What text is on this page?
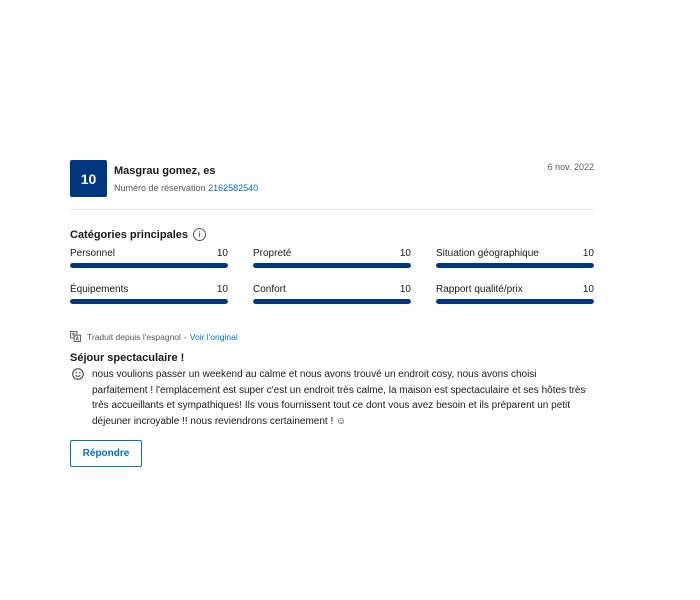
10	Masgrau gomez, es
Numéro de réservation 2162582540
6 nov. 2022
Catégories principales	i
Personnel	10	Propreté	10	Situation géographique	10
Équipements	10	Confort	10	Rapport qualité/prix	10
Traduit depuis l'espagnol - Voir l'original
Séjour spectaculaire !
nous voulions passer un weekend au calme et nous avons trouvé un endroit cosy, nous avons choisi parfaitement ! l'emplacement est super c'est un endroit très calme, la maison est spectaculaire et ses hôtes très très accueillants et sympathiques! Ils vous fournissent tout ce dont vous avez besoin et ils préparent un petit déjeuner incroyable !! nous reviendrons certainement ! ☺
Répondre
